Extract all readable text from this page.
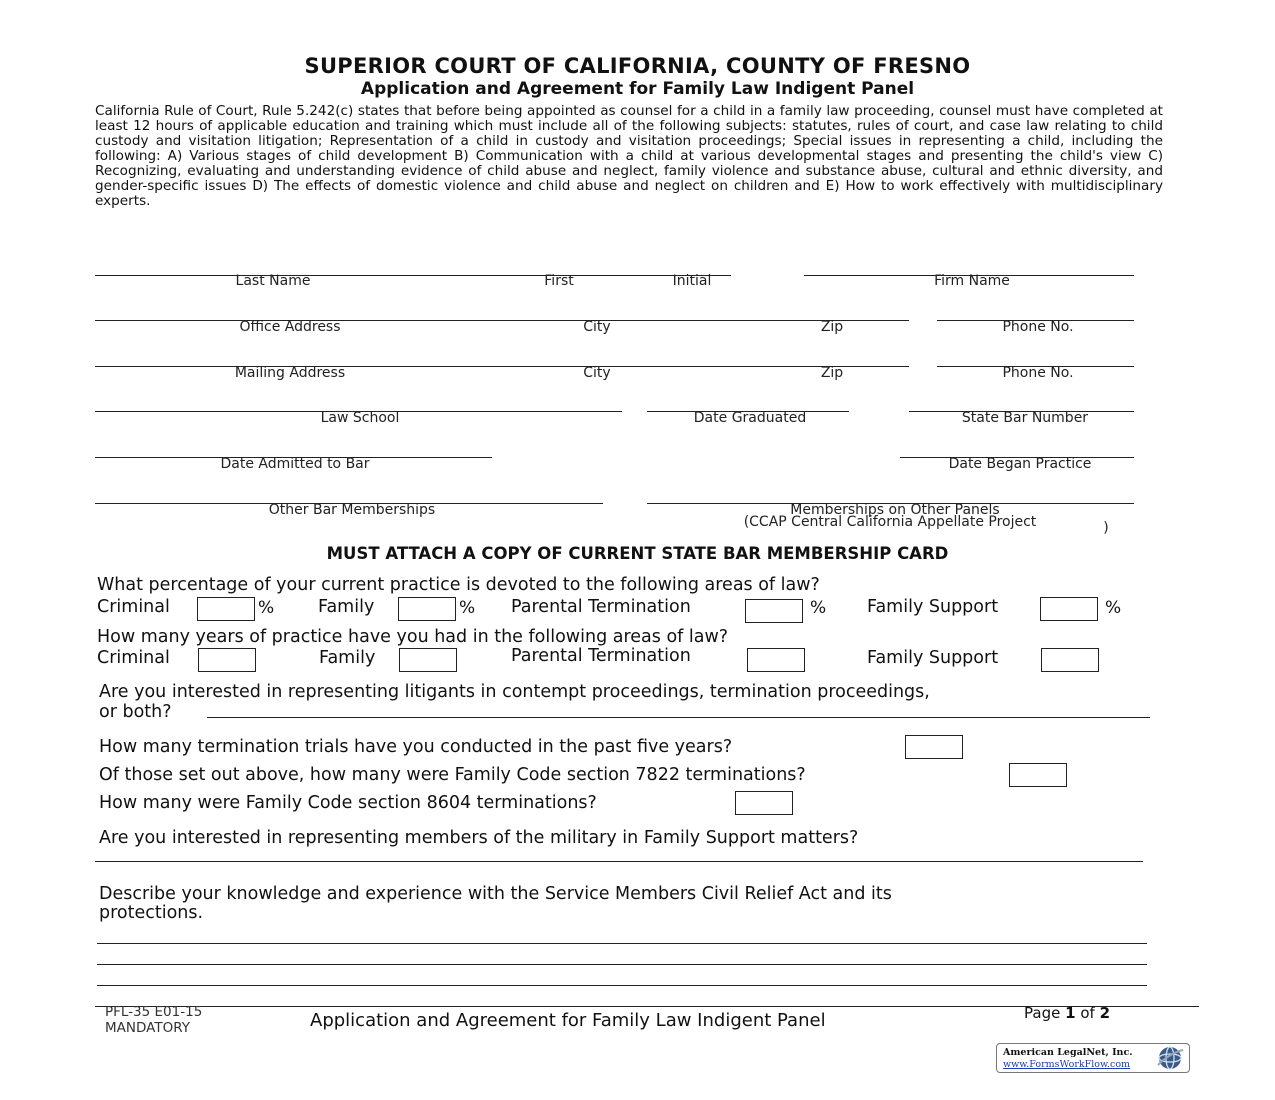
SUPERIOR COURT OF CALIFORNIA, COUNTY OF FRESNO
Application and Agreement for Family Law Indigent Panel
California Rule of Court, Rule 5.242(c) states that before being appointed as counsel for a child in a family law proceeding, counsel must have completed at least 12 hours of applicable education and training which must include all of the following subjects: statutes, rules of court, and case law relating to child custody and visitation litigation; Representation of a child in custody and visitation proceedings; Special issues in representing a child, including the following: A) Various stages of child development B) Communication with a child at various developmental stages and presenting the child's view C) Recognizing, evaluating and understanding evidence of child abuse and neglect, family violence and substance abuse, cultural and ethnic diversity, and gender-specific issues D) The effects of domestic violence and child abuse and neglect on children and E) How to work effectively with multidisciplinary experts.
Last Name	First	Initial	Firm Name
Office Address	City	Zip	Phone No.
Mailing Address	City	Zip	Phone No.
Law School	Date Graduated	State Bar Number
Date Admitted to Bar	Date Began Practice
Other Bar Memberships	Memberships on Other Panels
(CCAP Central California Appellate Project	)
MUST ATTACH A COPY OF CURRENT STATE BAR MEMBERSHIP CARD
What percentage of your current practice is devoted to the following areas of law?
Criminal	%	Family	% Parental Termination	% Family Support	%
How many years of practice have you had in the following areas of law?
Criminal	Family	Parental Termination	Family Support
Are you interested in representing litigants in contempt proceedings, termination proceedings,
or both?
How many termination trials have you conducted in the past five years?
Of those set out above, how many were Family Code section 7822 terminations?
How many were Family Code section 8604 terminations?
Are you interested in representing members of the military in Family Support matters?
Describe your knowledge and experience with the Service Members Civil Relief Act and its
protections.
PFL-35 E01-15
MANDATORY	Application and Agreement for Family Law Indigent Panel	Page 1 of 2
American LegalNet, Inc.
www.FormsWorkFlow.com
